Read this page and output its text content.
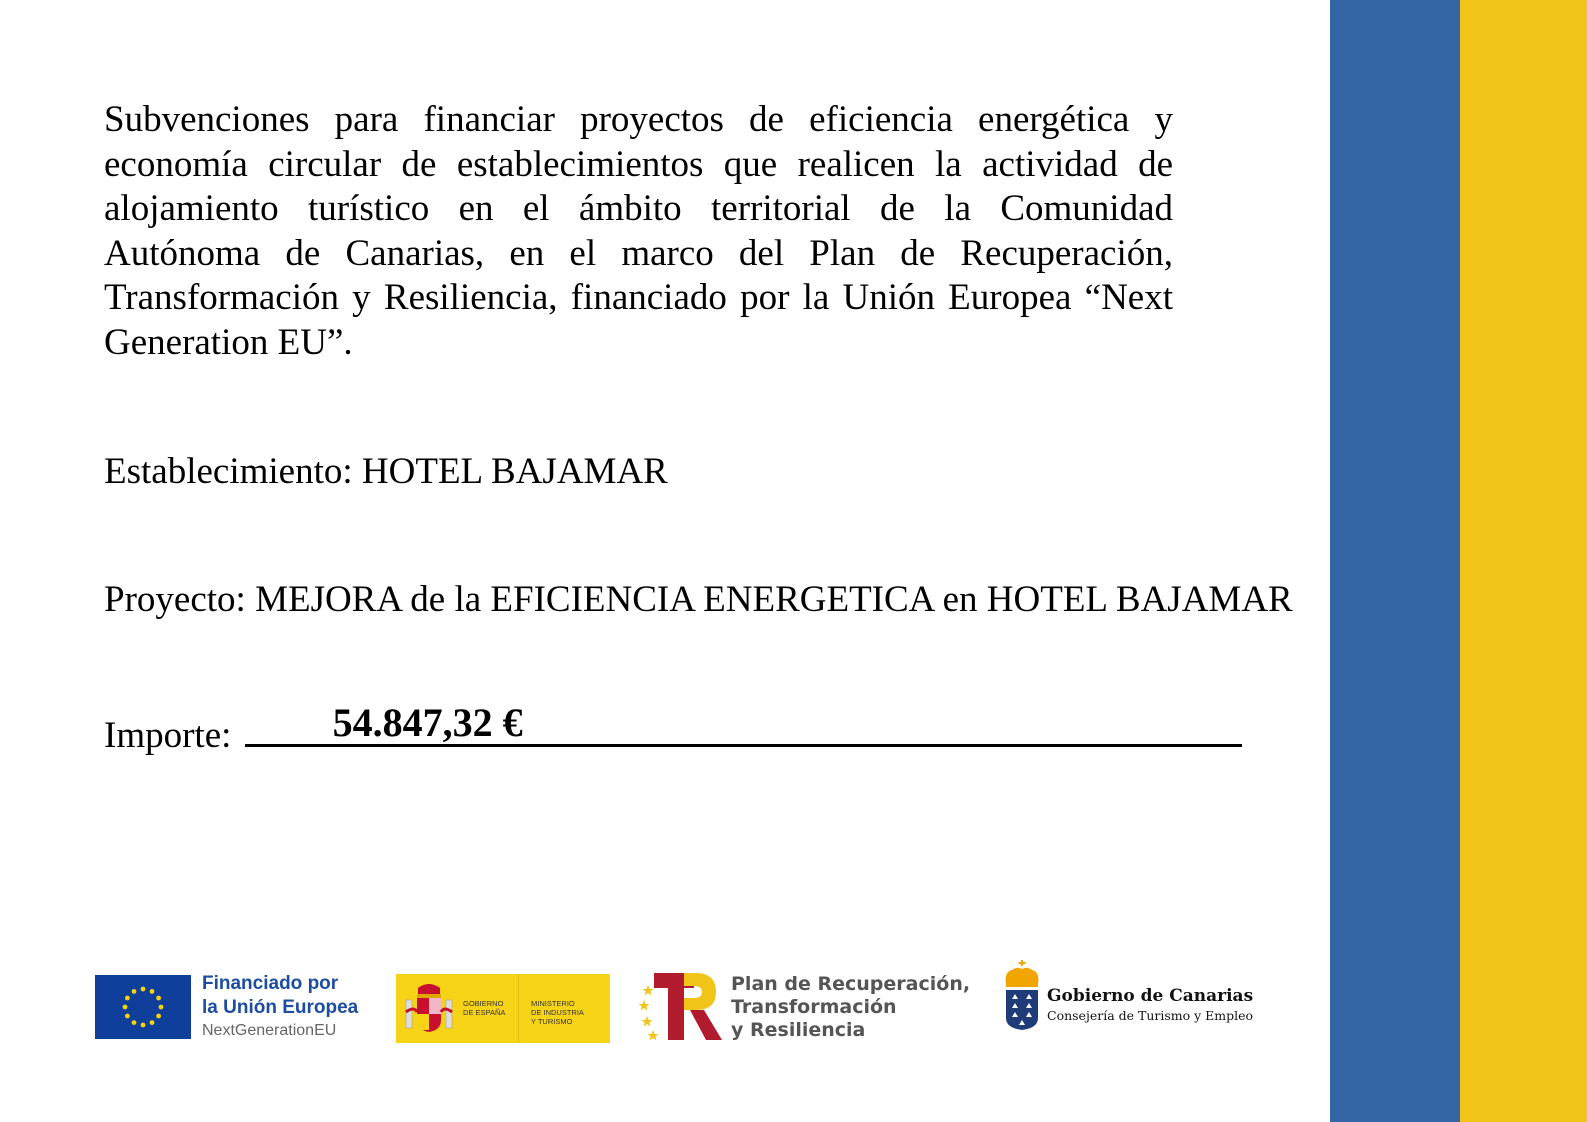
Subvenciones para financiar proyectos de eficiencia energética y economía circular de establecimientos que realicen la actividad de alojamiento turístico en el ámbito territorial de la Comunidad Autónoma de Canarias, en el marco del Plan de Recuperación, Transformación y Resiliencia, financiado por la Unión Europea “Next Generation EU”.

Establecimiento: HOTEL BAJAMAR
Proyecto: MEJORA de la EFICIENCIA ENERGETICA en HOTEL BAJAMAR
Importe:	54.847,32 €
Financiado por
la Unión Europea
NextGenerationEU
GOBIERNO
DE ESPAÑA
MINISTERIO
DE INDUSTRIA
Y TURISMO
Plan de Recuperación,
Transformación
y Resiliencia
Gobierno de Canarias
Consejería de Turismo y Empleo
